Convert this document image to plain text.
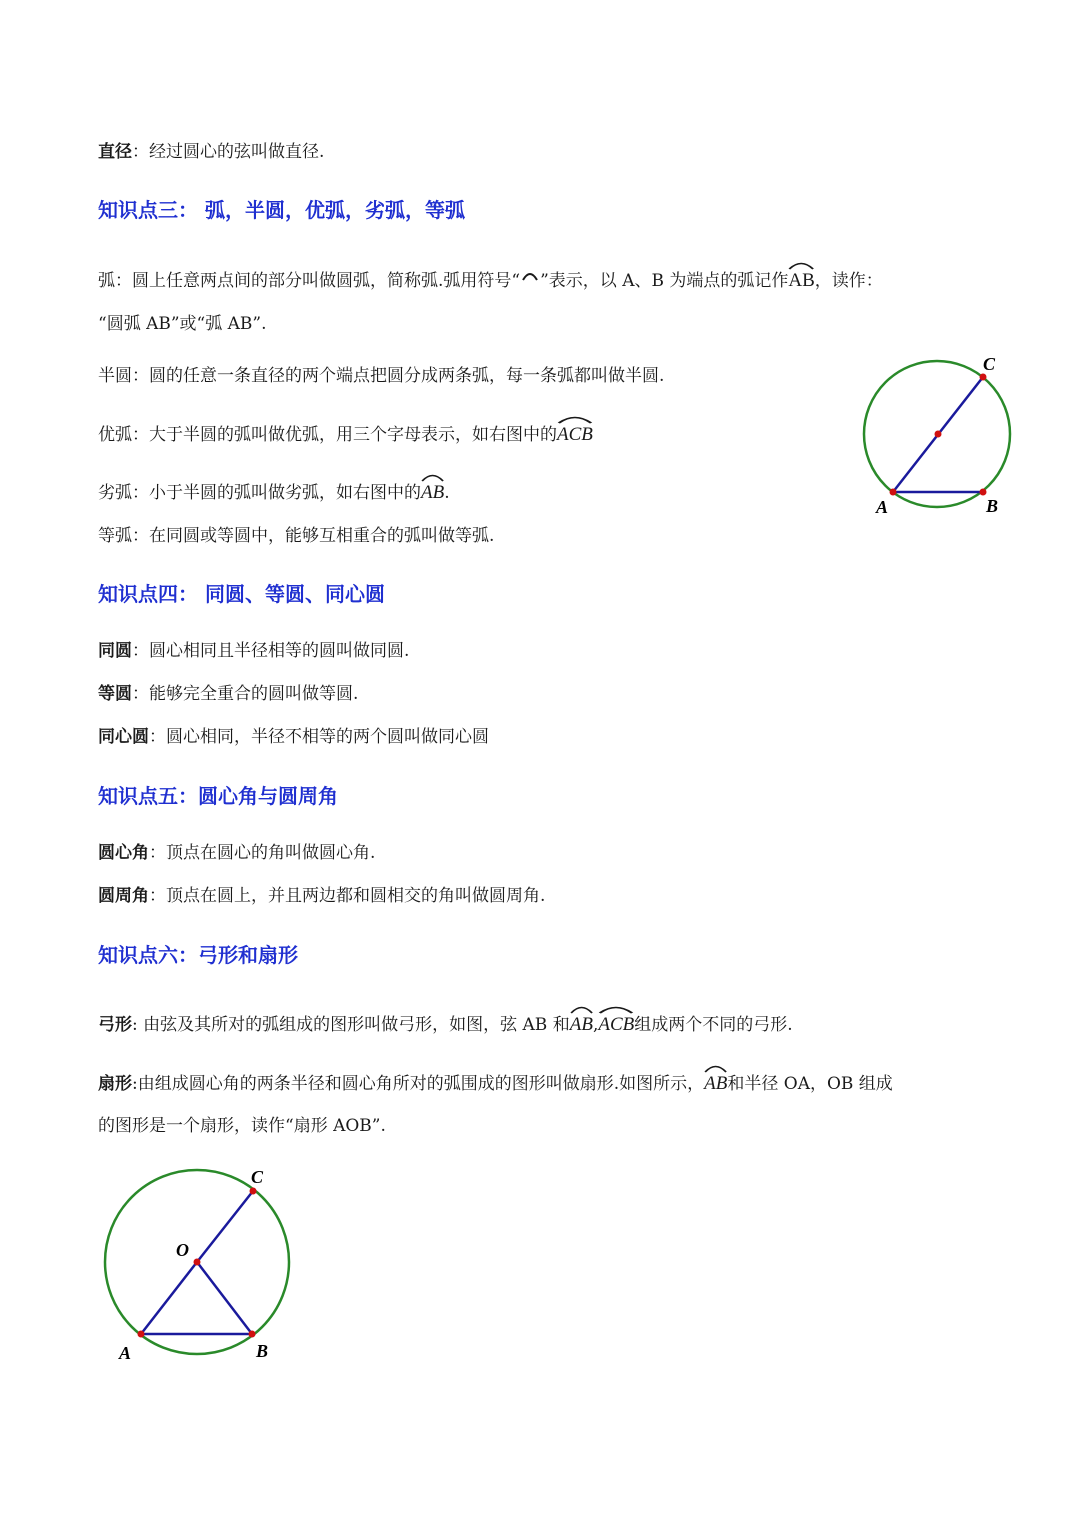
直径：经过圆心的弦叫做直径.
知识点三： 弧，半圆，优弧，劣弧，等弧
弧：圆上任意两点间的部分叫做圆弧，简称弧.弧用符号“ ”表示，以 A、B 为端点的弧记作
AB，读作：
“圆弧 AB”或“弧 AB”.
半圆：圆的任意一条直径的两个端点把圆分成两条弧，每一条弧都叫做半圆.
优弧：大于半圆的弧叫做优弧，用三个字母表示，如右图中的
ACB
劣弧：小于半圆的弧叫做劣弧，如右图中的
AB.
等弧：在同圆或等圆中，能够互相重合的弧叫做等弧.
A	B
C
知识点四： 同圆、等圆、同心圆
同圆：圆心相同且半径相等的圆叫做同圆.
等圆：能够完全重合的圆叫做等圆.
同心圆：圆心相同，半径不相等的两个圆叫做同心圆
知识点五：圆心角与圆周角
圆心角：顶点在圆心的角叫做圆心角.
圆周角：顶点在圆上，并且两边都和圆相交的角叫做圆周角.
知识点六：弓形和扇形
弓形: 由弦及其所对的弧组成的图形叫做弓形，如图，弦 AB 和
AB,
ACB组成两个不同的弓形.
扇形:由组成圆心角的两条半径和圆心角所对的弧围成的图形叫做扇形.如图所示，
AB和半径 OA，OB 组成
的图形是一个扇形，读作“扇形 AOB”.
O
A	B
C
